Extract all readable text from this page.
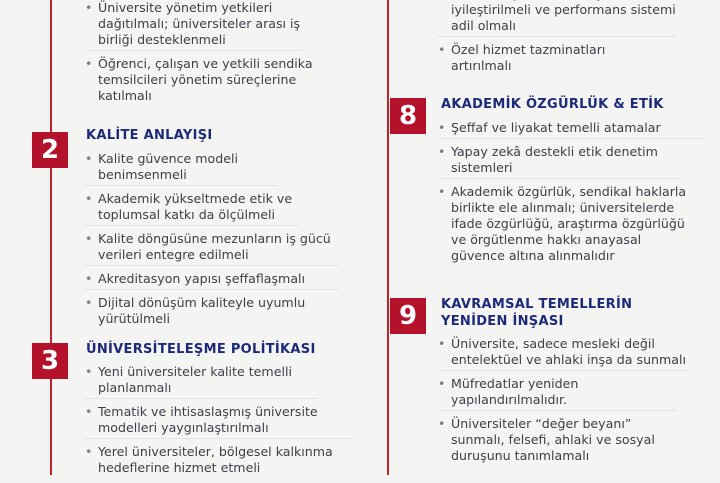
• Üniversite yönetim yetkileri dağıtılmalı; üniversiteler arası iş birliği desteklenmeli
• Öğrenci, çalışan ve yetkili sendika temsilcileri yönetim süreçlerine katılmalı
2	KALİTE ANLAYIŞI
• Kalite güvence modeli benimsenmeli
• Akademik yükseltmede etik ve toplumsal katkı da ölçülmeli
• Kalite döngüsüne mezunların iş gücü verileri entegre edilmeli
• Akreditasyon yapısı şeffaflaşmalı
• Dijital dönüşüm kaliteyle uyumlu yürütülmeli
3	ÜNİVERSİTELEŞME POLİTİKASI
• Yeni üniversiteler kalite temelli planlanmalı
• Tematik ve ihtisaslaşmış üniversite modelleri yaygınlaştırılmalı
• Yerel üniversiteler, bölgesel kalkınma hedeflerine hizmet etmeli
• iyileştirilmeli ve performans sistemi adil olmalı
• Özel hizmet tazminatları artırılmalı
8	AKADEMİK ÖZGÜRLÜK & ETİK
• Şeffaf ve liyakat temelli atamalar
• Yapay zekâ destekli etik denetim sistemleri
• Akademik özgürlük, sendikal haklarla birlikte ele alınmalı; üniversitelerde ifade özgürlüğü, araştırma özgürlüğü ve örgütlenme hakkı anayasal güvence altına alınmalıdır
9	KAVRAMSAL TEMELLERİN
YENİDEN İNŞASI
• Üniversite, sadece mesleki değil entelektüel ve ahlaki inşa da sunmalı
• Müfredatlar yeniden yapılandırılmalıdır.
• Üniversiteler “değer beyanı” sunmalı, felsefi, ahlaki ve sosyal duruşunu tanımlamalı
